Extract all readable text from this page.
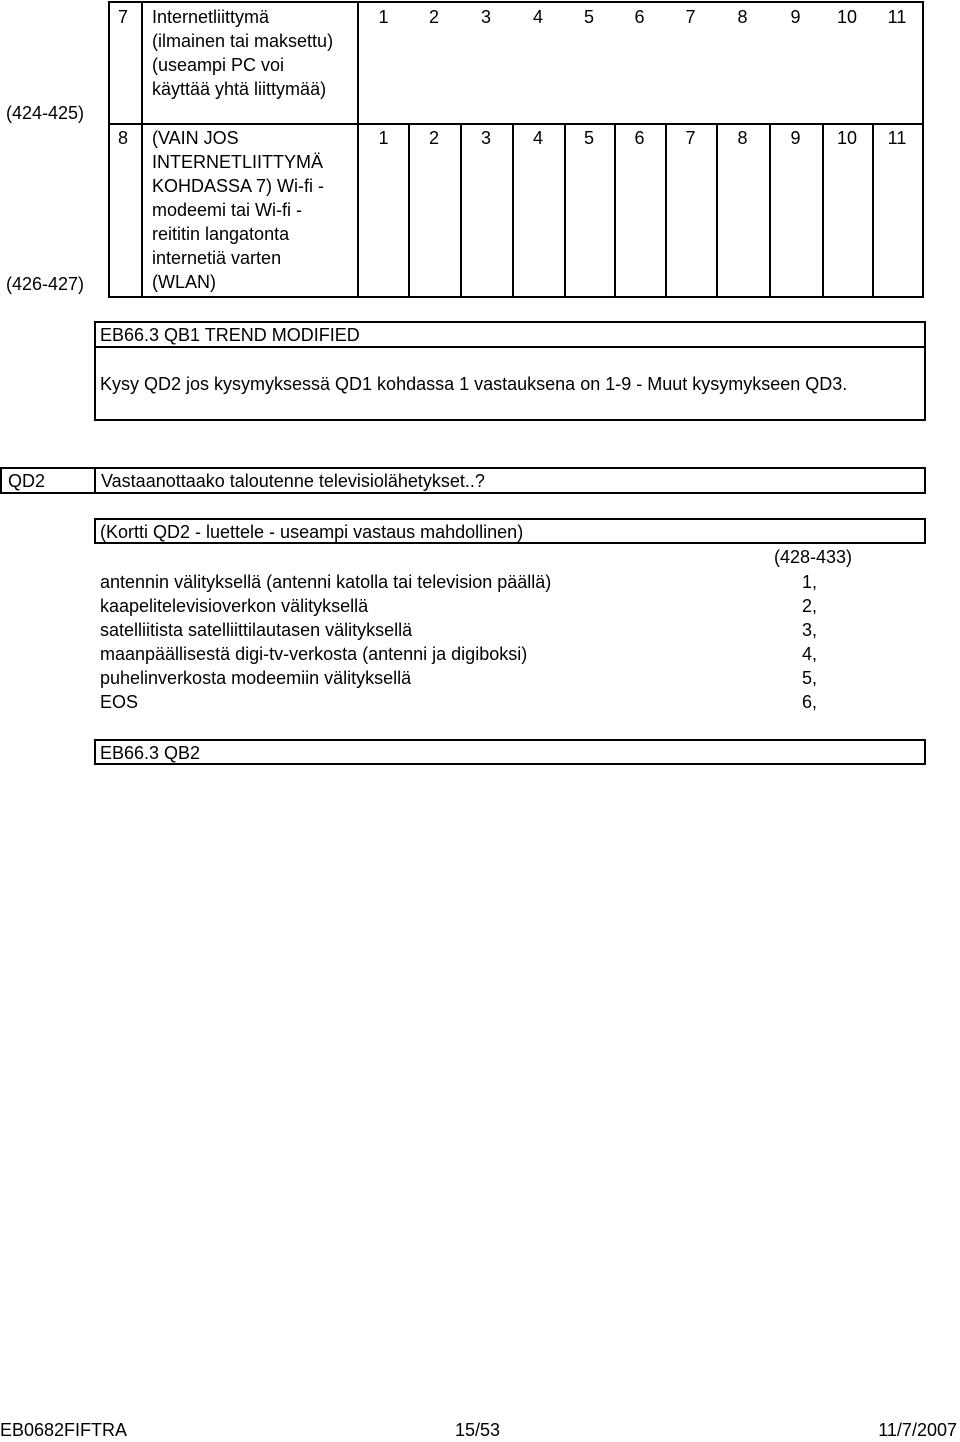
(424-425)
(426-427)
7 Internetliittymä
(ilmainen tai maksettu)
(useampi PC voi
käyttää yhtä liittymää)
1	2	3	4	5	6	7	8	9	10	11
8 (VAIN JOS
INTERNETLIITTYMÄ
KOHDASSA 7) Wi-fi -
modeemi tai Wi-fi -
reititin langatonta
internetiä varten
(WLAN)
1	2	3	4	5	6	7	8	9	10	11
EB66.3 QB1 TREND MODIFIED
Kysy QD2 jos kysymyksessä QD1 kohdassa 1 vastauksena on 1-9 - Muut kysymykseen QD3.
QD2	Vastaanottaako taloutenne televisiolähetykset..?
(Kortti QD2 - luettele - useampi vastaus mahdollinen)
(428-433)
antennin välityksellä (antenni katolla tai television päällä)	1,
kaapelitelevisioverkon välityksellä	2,
satelliitista satelliittilautasen välityksellä	3,
maanpäällisestä digi-tv-verkosta (antenni ja digiboksi)	4,
puhelinverkosta modeemiin välityksellä	5,
EOS	6,
EB66.3 QB2
EB0682FIFTRA	15/53	11/7/2007
